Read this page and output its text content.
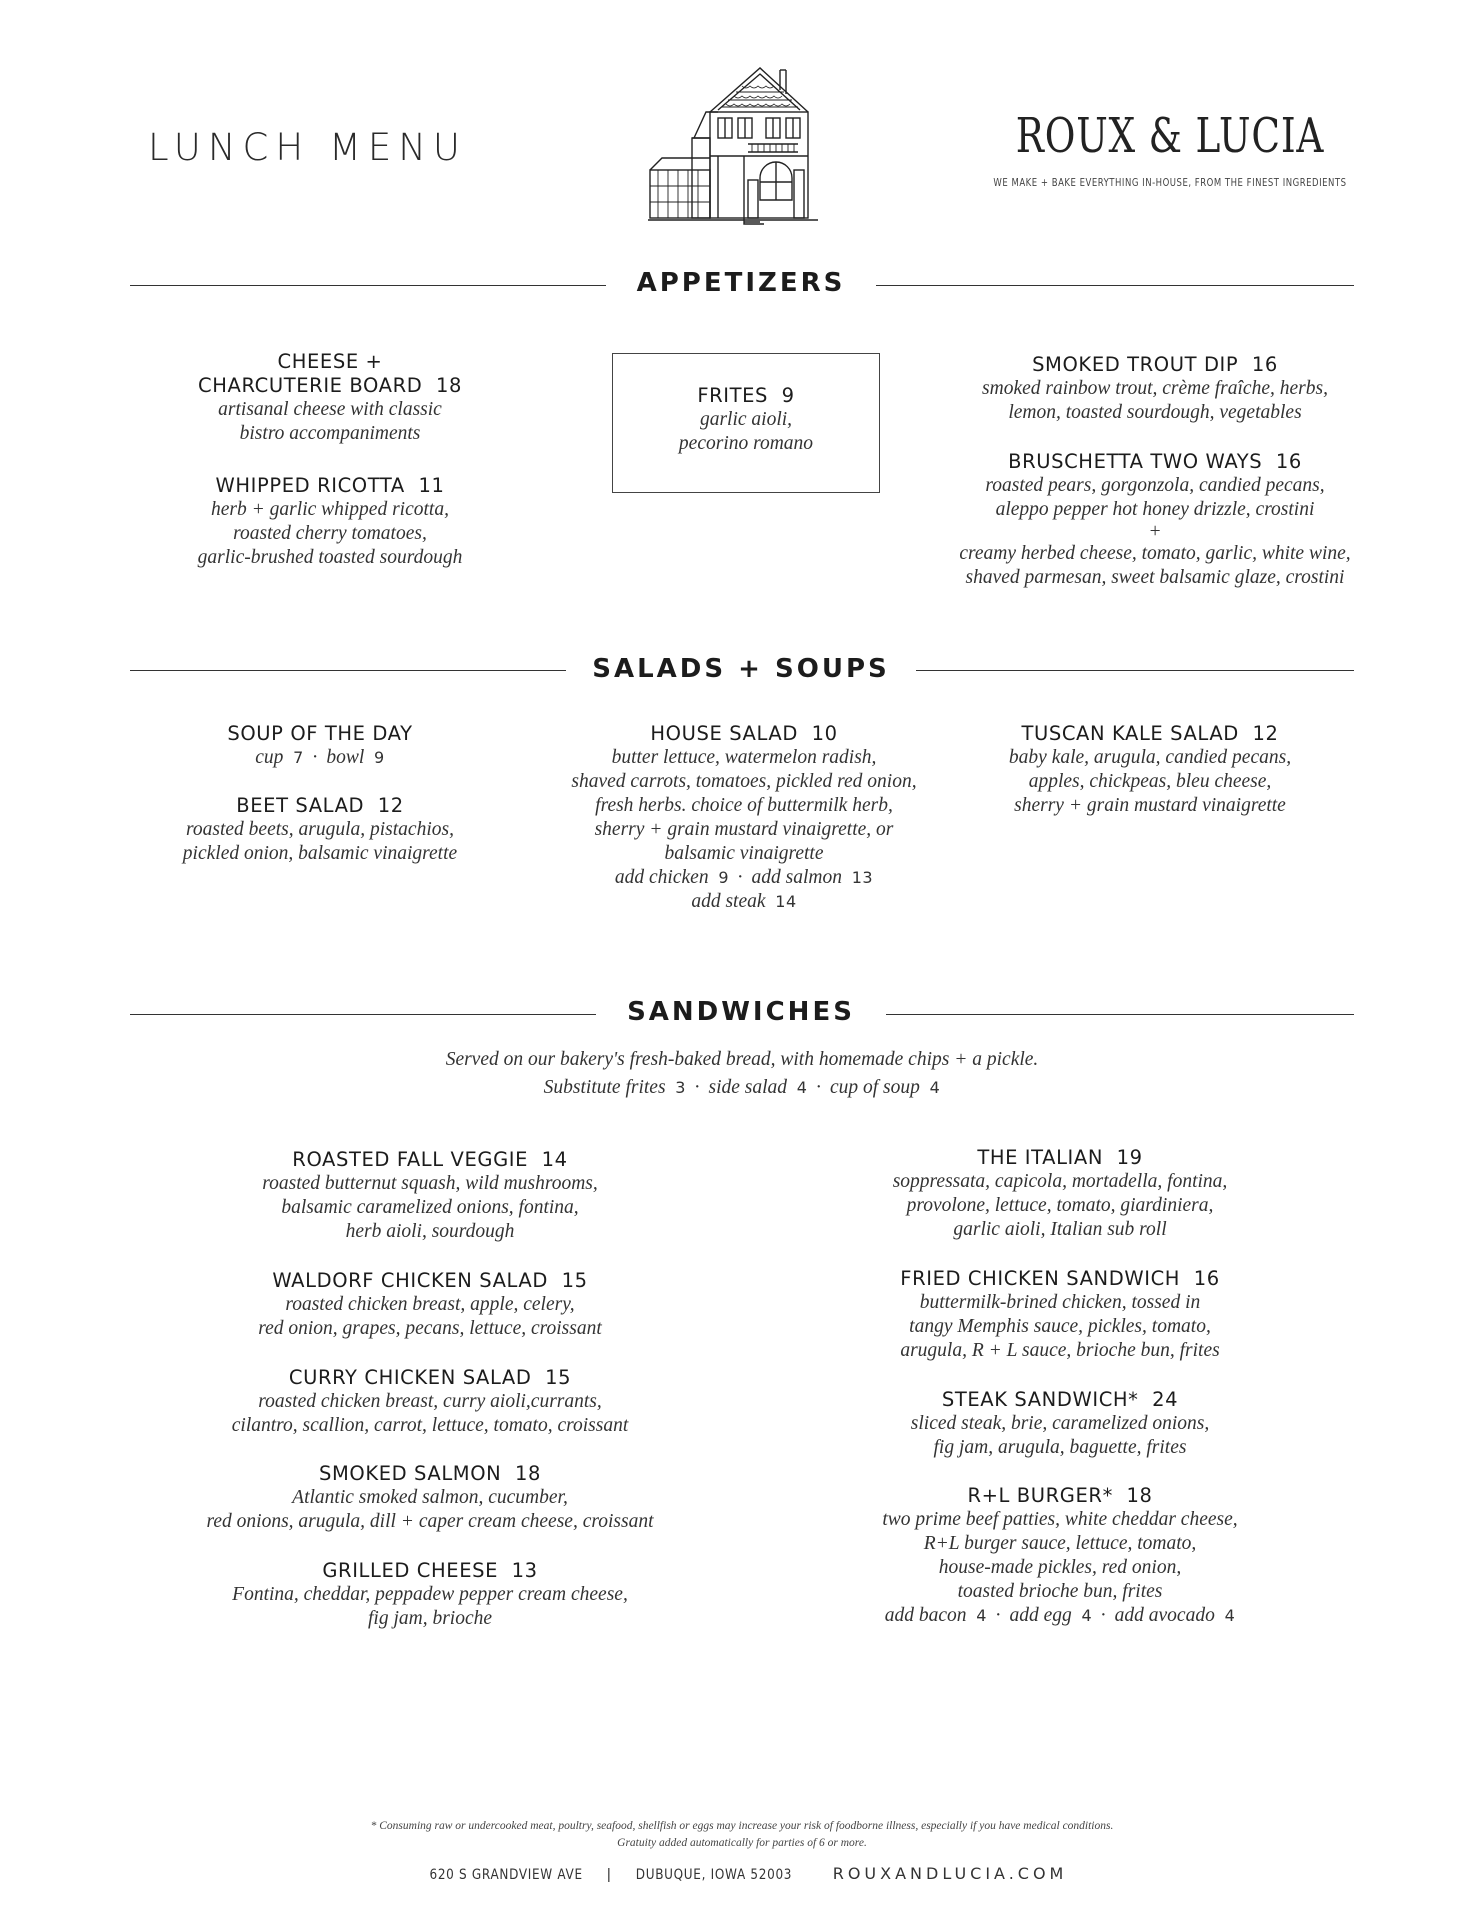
LUNCH MENU	ROUX & LUCIA
WE MAKE + BAKE EVERYTHING IN-HOUSE, FROM THE FINEST INGREDIENTS
APPETIZERS
CHEESE +
CHARCUTERIE BOARD 18
artisanal cheese with classic
bistro accompaniments
WHIPPED RICOTTA 11
herb + garlic whipped ricotta,
roasted cherry tomatoes,
garlic-brushed toasted sourdough
FRITES 9
garlic aioli,
pecorino romano
SMOKED TROUT DIP 16
smoked rainbow trout, crème fraîche, herbs,
lemon, toasted sourdough, vegetables
BRUSCHETTA TWO WAYS 16
roasted pears, gorgonzola, candied pecans,
aleppo pepper hot honey drizzle, crostini
+
creamy herbed cheese, tomato, garlic, white wine,
shaved parmesan, sweet balsamic glaze, crostini
SALADS + SOUPS
SOUP OF THE DAY
cup 7 · bowl 9
BEET SALAD 12
roasted beets, arugula, pistachios,
pickled onion, balsamic vinaigrette
HOUSE SALAD 10
butter lettuce, watermelon radish,
shaved carrots, tomatoes, pickled red onion,
fresh herbs. choice of buttermilk herb,
sherry + grain mustard vinaigrette, or
balsamic vinaigrette
add chicken 9 · add salmon 13
add steak 14
TUSCAN KALE SALAD 12
baby kale, arugula, candied pecans,
apples, chickpeas, bleu cheese,
sherry + grain mustard vinaigrette
SANDWICHES
Served on our bakery's fresh-baked bread, with homemade chips + a pickle.
Substitute frites 3 · side salad 4 · cup of soup 4
ROASTED FALL VEGGIE 14
roasted butternut squash, wild mushrooms,
balsamic caramelized onions, fontina,
herb aioli, sourdough
WALDORF CHICKEN SALAD 15
roasted chicken breast, apple, celery,
red onion, grapes, pecans, lettuce, croissant
CURRY CHICKEN SALAD 15
roasted chicken breast, curry aioli,currants,
cilantro, scallion, carrot, lettuce, tomato, croissant
SMOKED SALMON 18
Atlantic smoked salmon, cucumber,
red onions, arugula, dill + caper cream cheese, croissant
GRILLED CHEESE 13
Fontina, cheddar, peppadew pepper cream cheese,
fig jam, brioche
THE ITALIAN 19
soppressata, capicola, mortadella, fontina,
provolone, lettuce, tomato, giardiniera,
garlic aioli, Italian sub roll
FRIED CHICKEN SANDWICH 16
buttermilk-brined chicken, tossed in
tangy Memphis sauce, pickles, tomato,
arugula, R + L sauce, brioche bun, frites
STEAK SANDWICH* 24
sliced steak, brie, caramelized onions,
fig jam, arugula, baguette, frites
R+L BURGER* 18
two prime beef patties, white cheddar cheese,
R+L burger sauce, lettuce, tomato,
house-made pickles, red onion,
toasted brioche bun, frites
add bacon 4 · add egg 4 · add avocado 4
* Consuming raw or undercooked meat, poultry, seafood, shellfish or eggs may increase your risk of foodborne illness, especially if you have medical conditions.
Gratuity added automatically for parties of 6 or more.
620 S GRANDVIEW AVE | DUBUQUE, IOWA 52003	ROUXANDLUCIA.COM
